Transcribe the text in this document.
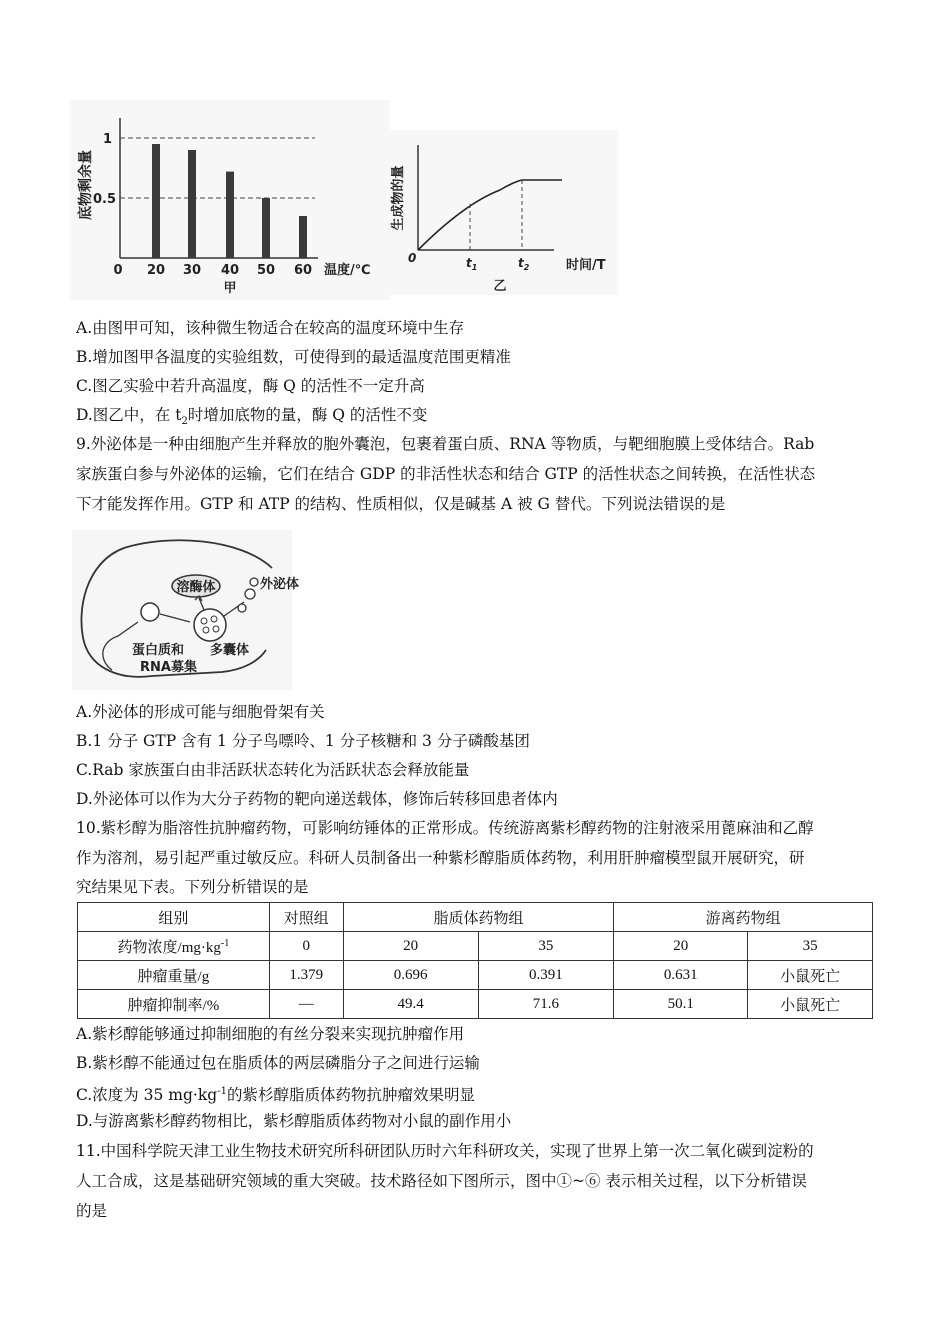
1
0.5
0 20 30 40 50 60 温度/℃
甲
底物剩余量
0	$t_1$	$t_2$	时间/T
乙
生成物的量
A.由图甲可知，该种微生物适合在较高的温度环境中生存
B.增加图甲各温度的实验组数，可使得到的最适温度范围更精准
C.图乙实验中若升高温度，酶 Q 的活性不一定升高
D.图乙中，在 $t_2$时增加底物的量，酶 Q 的活性不变
9.外泌体是一种由细胞产生并释放的胞外囊泡，包裹着蛋白质、RNA 等物质，与靶细胞膜上受体结合。Rab
家族蛋白参与外泌体的运输，它们在结合 GDP 的非活性状态和结合 GTP 的活性状态之间转换，在活性状态
下才能发挥作用。GTP 和 ATP 的结构、性质相似，仅是碱基 A 被 G 替代。下列说法错误的是
溶酶体	外泌体
多囊体
蛋白质和
RNA募集
A.外泌体的形成可能与细胞骨架有关
B.1 分子 GTP 含有 1 分子鸟嘌呤、1 分子核糖和 3 分子磷酸基团
C.Rab 家族蛋白由非活跃状态转化为活跃状态会释放能量
D.外泌体可以作为大分子药物的靶向递送载体，修饰后转移回患者体内
10.紫杉醇为脂溶性抗肿瘤药物，可影响纺锤体的正常形成。传统游离紫杉醇药物的注射液采用蓖麻油和乙醇
作为溶剂，易引起严重过敏反应。科研人员制备出一种紫杉醇脂质体药物，利用肝肿瘤模型鼠开展研究，研
究结果见下表。下列分析错误的是
组别	对照组	脂质体药物组		游离药物组	
药物浓度$/mg\cdot kg^{-1}$	0	20	35	20	35
肿瘤重量/g	1.379	0.696	0.391	0.631	小鼠死亡
肿瘤抑制率/%	—	49.4	71.6	50.1	小鼠死亡
A.紫杉醇能够通过抑制细胞的有丝分裂来实现抗肿瘤作用
B.紫杉醇不能通过包在脂质体的两层磷脂分子之间进行运输
C.浓度为 35 $mg\cdot kg^{-1}$的紫杉醇脂质体药物抗肿瘤效果明显
D.与游离紫杉醇药物相比，紫杉醇脂质体药物对小鼠的副作用小
11.中国科学院天津工业生物技术研究所科研团队历时六年科研攻关，实现了世界上第一次二氧化碳到淀粉的
人工合成，这是基础研究领域的重大突破。技术路径如下图所示，图中①~⑥ 表示相关过程，以下分析错误
的是
